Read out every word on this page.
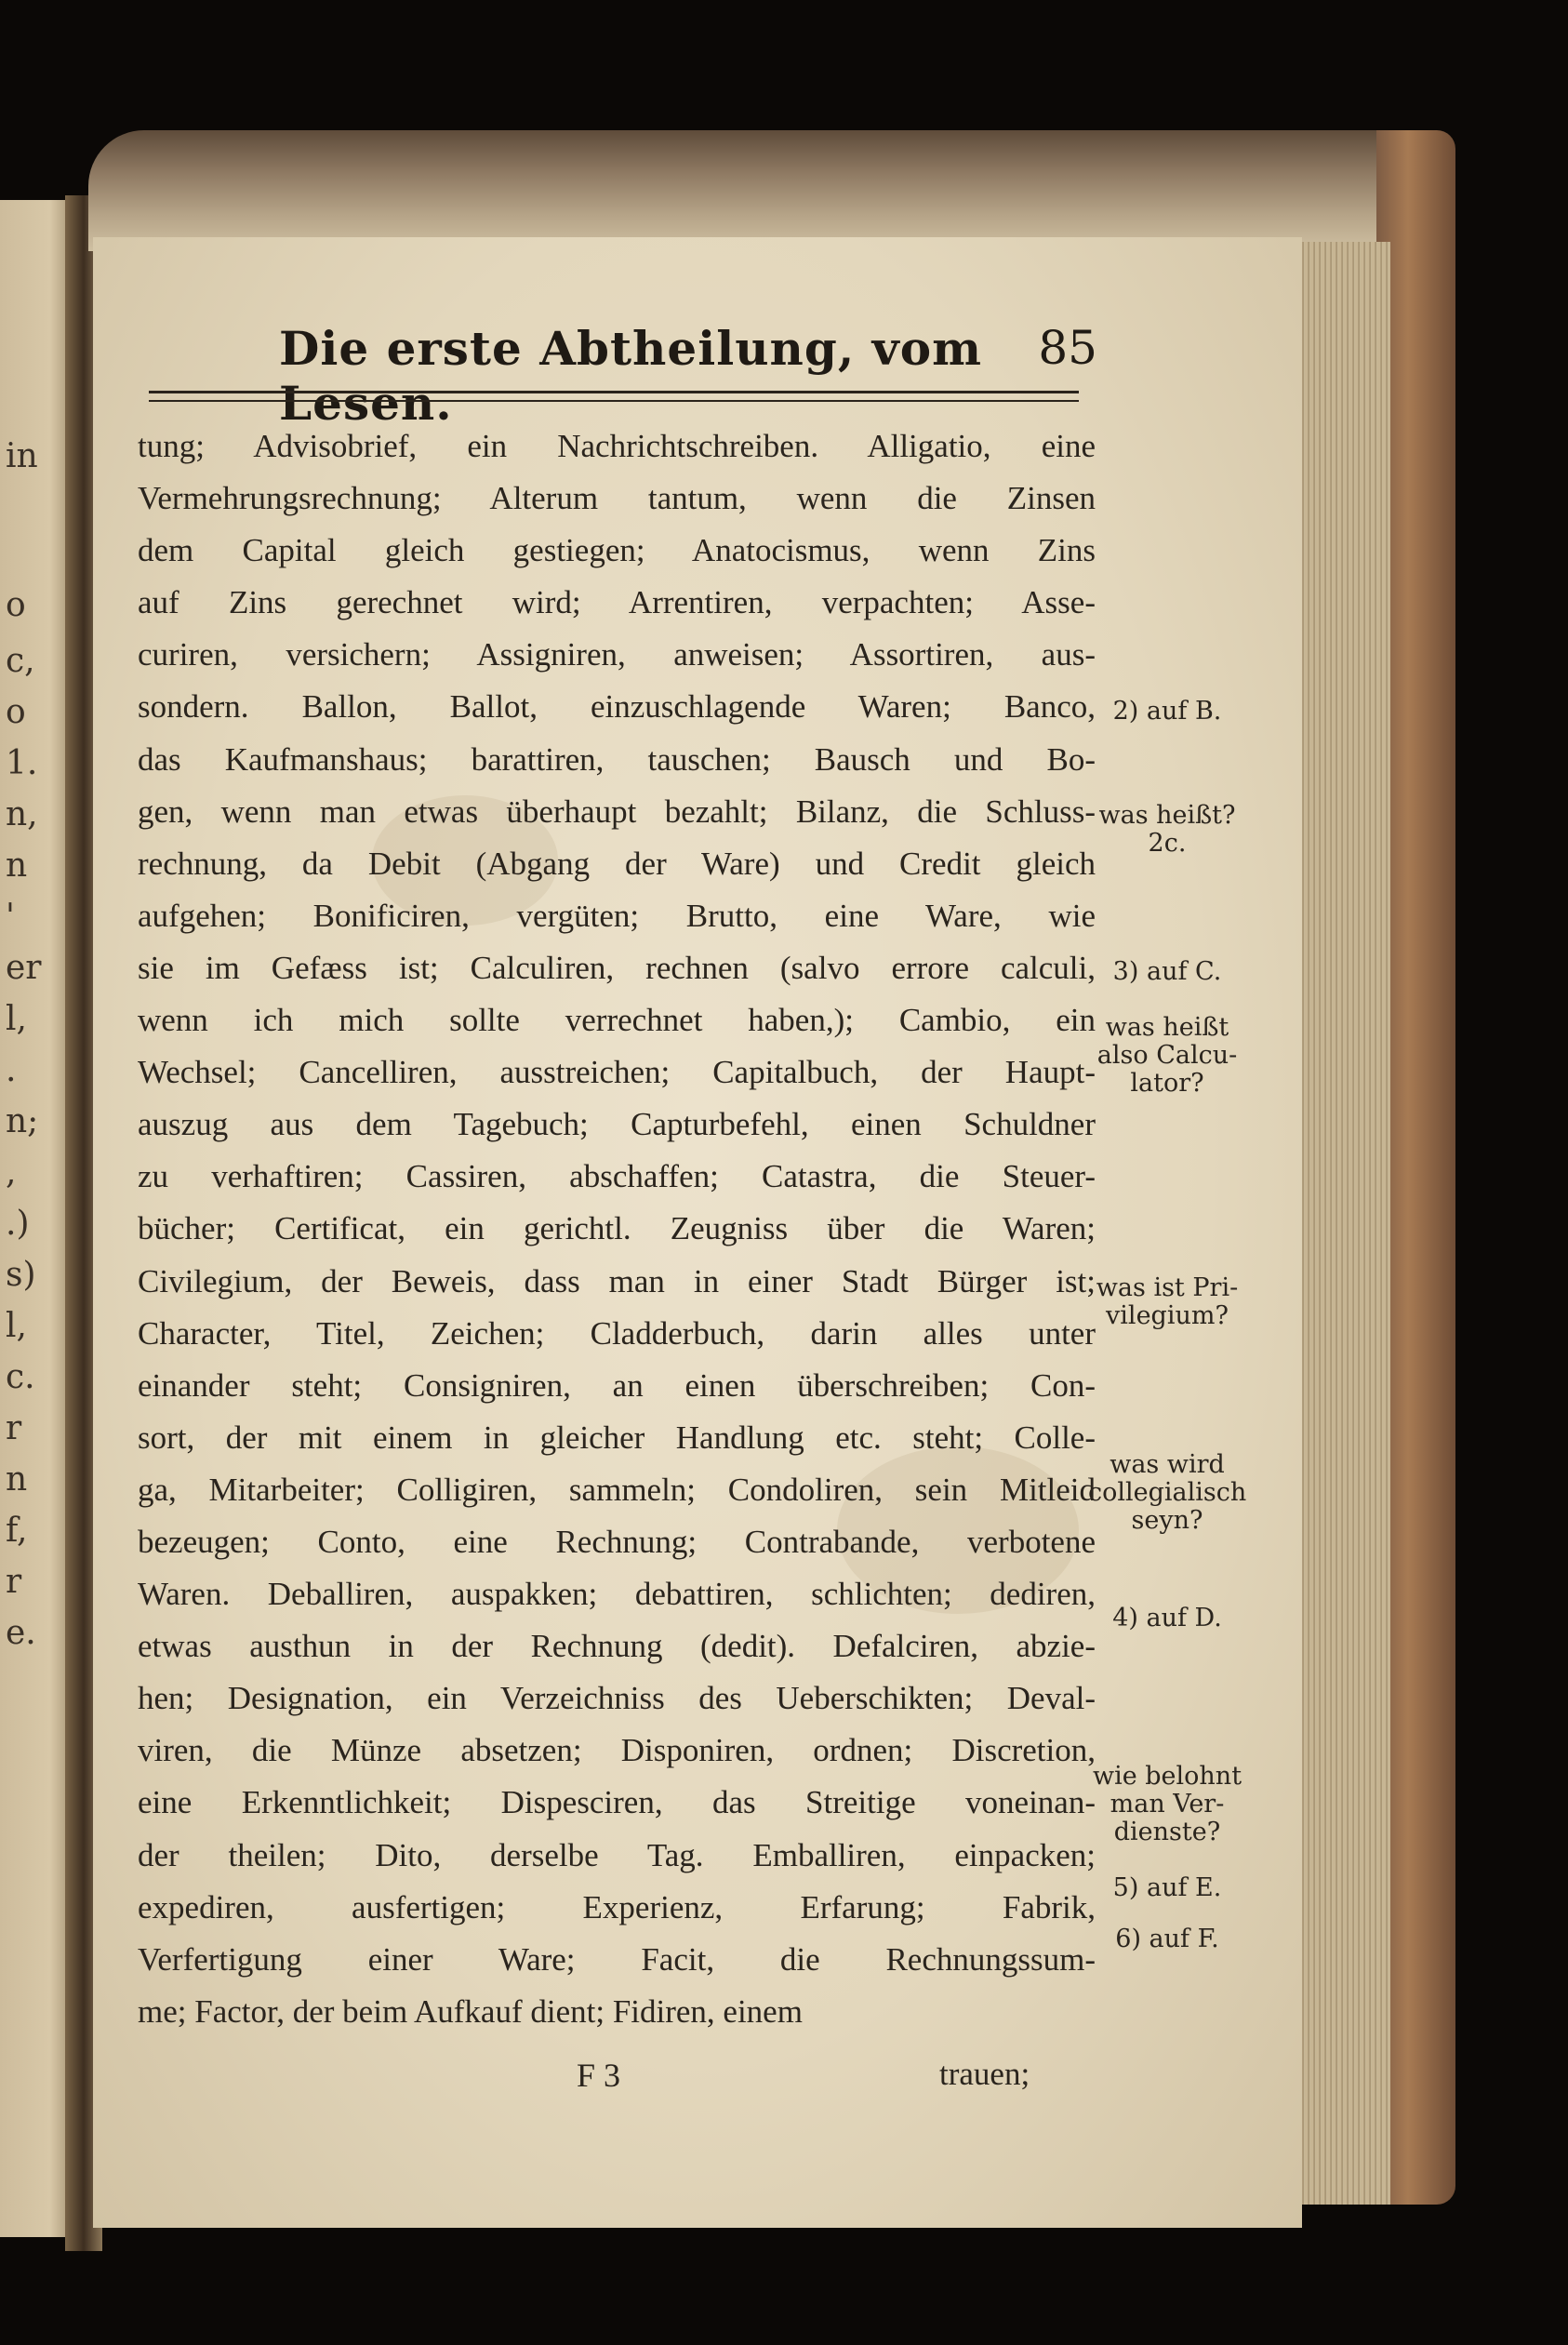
in
o
c,
o
1.
n,
n
'
er
l,
.
n;
,
.)
s)
l,
c.
r
n
f,
r
e.
Die erste Abtheilung, vom Lesen.
85
tung; Advisobrief, ein Nachrichtschreiben. Alligatio, eine
Vermehrungsrechnung; Alterum tantum, wenn die Zinsen
dem Capital gleich gestiegen; Anatocismus, wenn Zins
auf Zins gerechnet wird; Arrentiren, verpachten; Asse-
curiren, versichern; Assigniren, anweisen; Assortiren, aus-
sondern. Ballon, Ballot, einzuschlagende Waren; Banco,
das Kaufmanshaus; barattiren, tauschen; Bausch und Bo-
gen, wenn man etwas überhaupt bezahlt; Bilanz, die Schluss-
rechnung, da Debit (Abgang der Ware) und Credit gleich
aufgehen; Bonificiren, vergüten; Brutto, eine Ware, wie
sie im Gefæss ist; Calculiren, rechnen (salvo errore calculi,
wenn ich mich sollte verrechnet haben,); Cambio, ein
Wechsel; Cancelliren, ausstreichen; Capitalbuch, der Haupt-
auszug aus dem Tagebuch; Capturbefehl, einen Schuldner
zu verhaftiren; Cassiren, abschaffen; Catastra, die Steuer-
bücher; Certificat, ein gerichtl. Zeugniss über die Waren;
Civilegium, der Beweis, dass man in einer Stadt Bürger ist;
Character, Titel, Zeichen; Cladderbuch, darin alles unter
einander steht; Consigniren, an einen überschreiben; Con-
sort, der mit einem in gleicher Handlung etc. steht; Colle-
ga, Mitarbeiter; Colligiren, sammeln; Condoliren, sein Mitleid
bezeugen; Conto, eine Rechnung; Contrabande, verbotene
Waren. Deballiren, auspakken; debattiren, schlichten; dediren,
etwas austhun in der Rechnung (dedit). Defalciren, abzie-
hen; Designation, ein Verzeichniss des Ueberschikten; Deval-
viren, die Münze absetzen; Disponiren, ordnen; Discretion,
eine Erkenntlichkeit; Dispesciren, das Streitige voneinan-
der theilen; Dito, derselbe Tag. Emballiren, einpacken;
expediren, ausfertigen; Experienz, Erfarung; Fabrik,
Verfertigung einer Ware; Facit, die Rechnungssum-
me; Factor, der beim Aufkauf dient; Fidiren, einem
2) auf B.
was heißt? 2c.
3) auf C.
was heißt also Calcu-lator?
was ist Pri-vilegium?
was wird collegialisch seyn?
4) auf D.
wie belohnt man Ver-dienste?
5) auf E.
6) auf F.
F 3	trauen;
